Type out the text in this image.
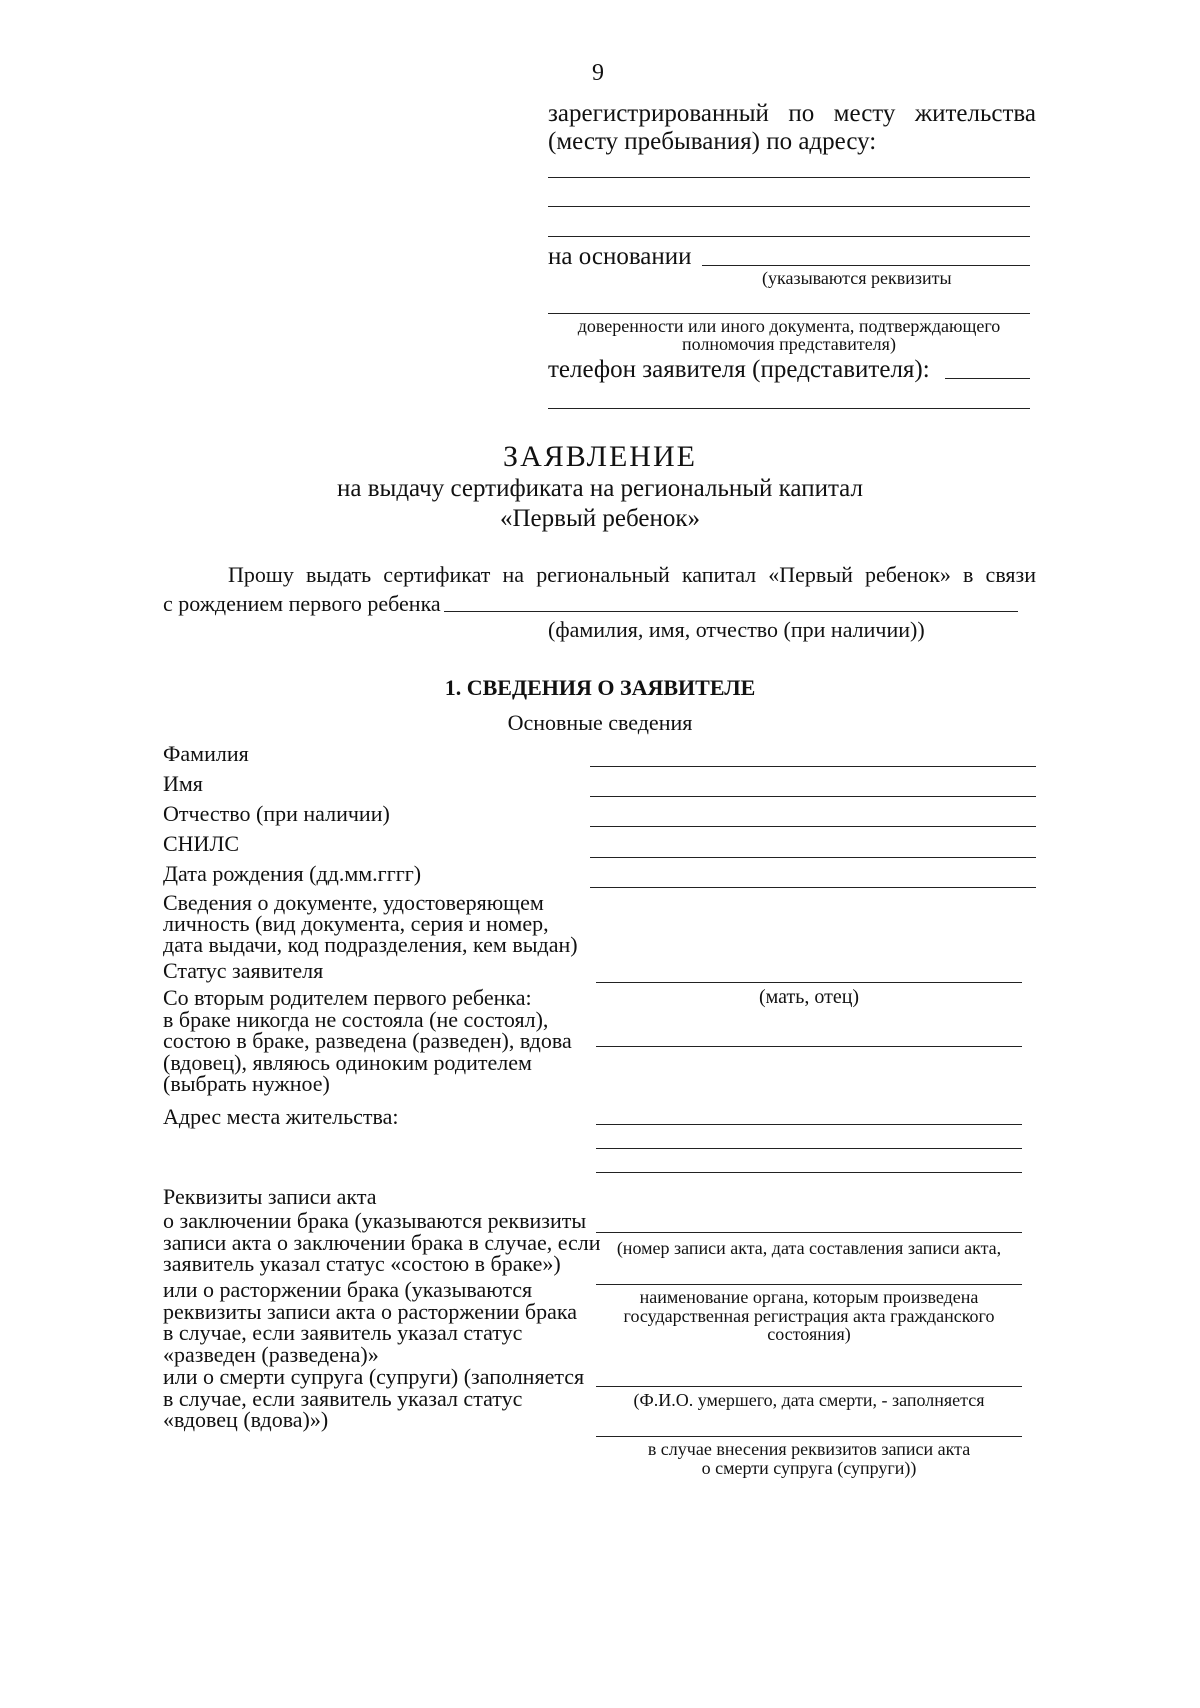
9
зарегистрированный по месту жительства
(месту пребывания) по адресу:
на основании
(указываются реквизиты
доверенности или иного документа, подтверждающего
полномочия представителя)
телефон заявителя (представителя):
ЗАЯВЛЕНИЕ
на выдачу сертификата на региональный капитал
«Первый ребенок»
Прошу выдать сертификат на региональный капитал «Первый ребенок» в связи
с рождением первого ребенка
(фамилия, имя, отчество (при наличии))
1. СВЕДЕНИЯ О ЗАЯВИТЕЛЕ
Основные сведения
Фамилия
Имя
Отчество (при наличии)
СНИЛС
Дата рождения (дд.мм.гггг)
Сведения о документе, удостоверяющем
личность (вид документа, серия и номер,
дата выдачи, код подразделения, кем выдан)
Статус заявителя
(мать, отец)
Со вторым родителем первого ребенка:
в браке никогда не состояла (не состоял),
состою в браке, разведена (разведен), вдова
(вдовец), являюсь одиноким родителем
(выбрать нужное)
Адрес места жительства:
Реквизиты записи акта
о заключении брака (указываются реквизиты
записи акта о заключении брака в случае, если
заявитель указал статус «состою в браке»)
(номер записи акта, дата составления записи акта,
или о расторжении брака (указываются
реквизиты записи акта о расторжении брака
в случае, если заявитель указал статус
«разведен (разведена)»
наименование органа, которым произведена
государственная регистрация акта гражданского
состояния)
или о смерти супруга (супруги) (заполняется
в случае, если заявитель указал статус
«вдовец (вдова)»)
(Ф.И.О. умершего, дата смерти, - заполняется
в случае внесения реквизитов записи акта
о смерти супруга (супруги))
